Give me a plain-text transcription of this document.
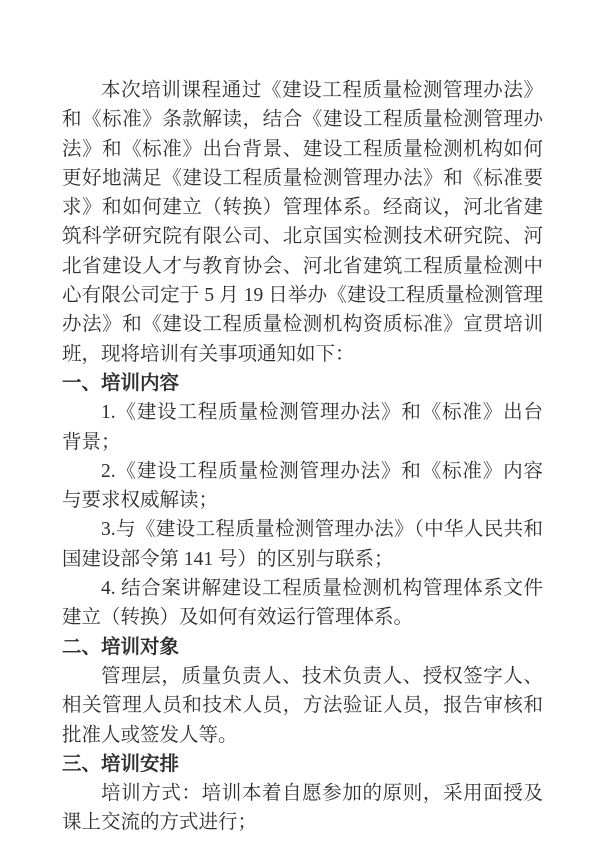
本次培训课程通过《建设工程质量检测管理办法》和《标准》条款解读，结合《建设工程质量检测管理办法》和《标准》出台背景、建设工程质量检测机构如何更好地满足《建设工程质量检测管理办法》和《标准要求》和如何建立（转换）管理体系。经商议，河北省建筑科学研究院有限公司、北京国实检测技术研究院、河北省建设人才与教育协会、河北省建筑工程质量检测中心有限公司定于 5 月 19 日举办《建设工程质量检测管理办法》和《建设工程质量检测机构资质标准》宣贯培训班，现将培训有关事项通知如下：

一、培训内容

1.《建设工程质量检测管理办法》和《标准》出台背景；

2.《建设工程质量检测管理办法》和《标准》内容与要求权威解读；

3.与《建设工程质量检测管理办法》（中华人民共和国建设部令第 141 号）的区别与联系；

4. 结合案讲解建设工程质量检测机构管理体系文件建立（转换）及如何有效运行管理体系。

二、培训对象

管理层，质量负责人、技术负责人、授权签字人、相关管理人员和技术人员，方法验证人员，报告审核和批准人或签发人等。

三、培训安排

培训方式：培训本着自愿参加的原则，采用面授及课上交流的方式进行；
